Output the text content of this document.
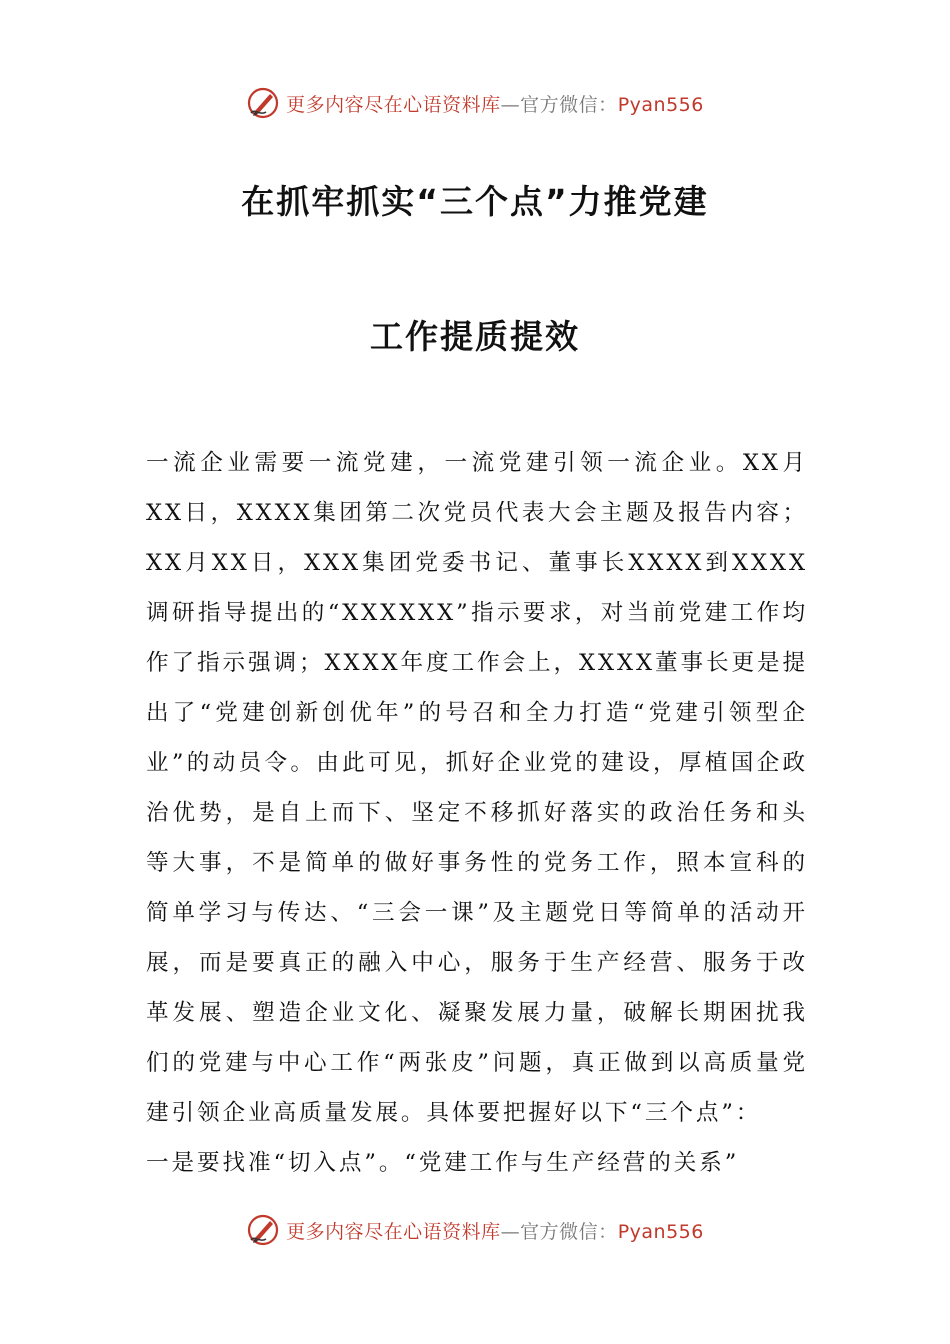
更多内容尽在心语资料库—官方微信：Pyan556
在抓牢抓实“三个点”力推党建
工作提质提效

一流企业需要一流党建，一流党建引领一流企业。XX月XX日，XXXX集团第二次党员代表大会主题及报告内容；XX月XX日，XXX集团党委书记、董事长XXXX到XXXX调研指导提出的“XXXXXX”指示要求，对当前党建工作均作了指示强调；XXXX年度工作会上，XXXX董事长更是提出了“党建创新创优年”的号召和全力打造“党建引领型企业”的动员令。由此可见，抓好企业党的建设，厚植国企政治优势，是自上而下、坚定不移抓好落实的政治任务和头等大事，不是简单的做好事务性的党务工作，照本宣科的简单学习与传达、“三会一课”及主题党日等简单的活动开展，而是要真正的融入中心，服务于生产经营、服务于改革发展、塑造企业文化、凝聚发展力量，破解长期困扰我们的党建与中心工作“两张皮”问题，真正做到以高质量党建引领企业高质量发展。具体要把握好以下“三个点”：

一是要找准“切入点”。“党建工作与生产经营的关系”

更多内容尽在心语资料库—官方微信：Pyan556
